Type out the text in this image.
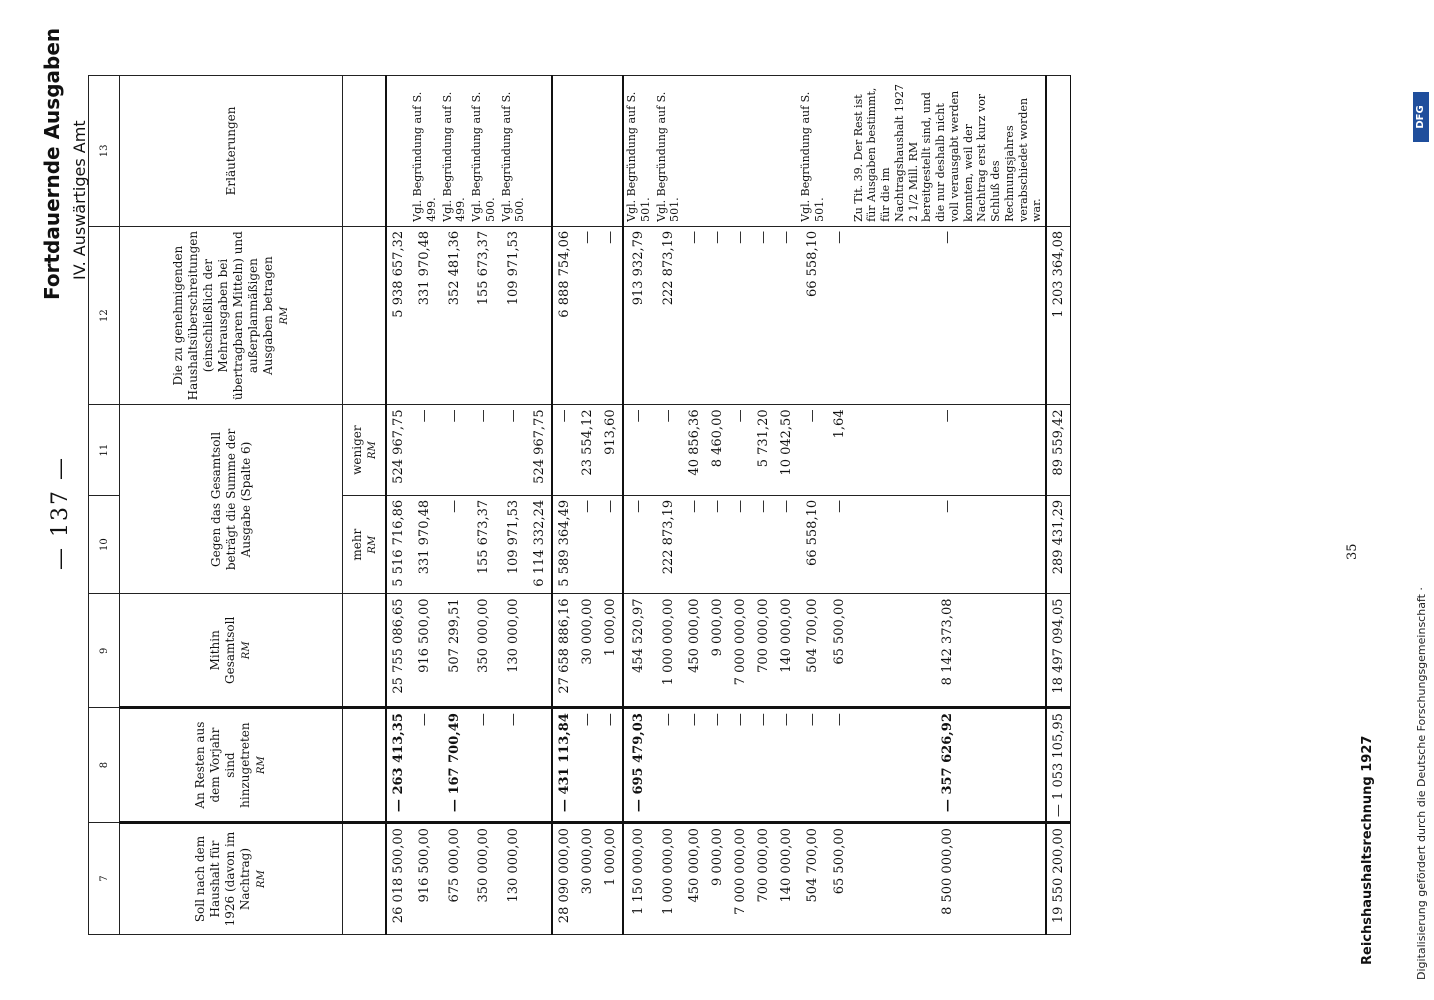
— 137 —
Fortdauernde Ausgaben IV. Auswärtiges Amt
7	8	9	10	11	12	13
Soll nach dem Haushalt für 1926 (davon im Nachtrag) RM	An Resten aus dem Vorjahr sind hinzugetreten RM	Mithin Gesamtsoll RM	Gegen das Gesamtsoll beträgt die Summe der Ausgabe (Spalte 6)		Die zu genehmigenden Haushaltsüberschreitungen (einschließlich der Mehrausgaben bei übertragbaren Mitteln) und außerplanmäßigen Ausgaben betragen RM	Erläuterungen
			mehr RM	weniger RM		
26 018 500,00	— 263 413,35	25 755 086,65	5 516 716,86	524 967,75	5 938 657,32	
916 500,00	—	916 500,00	331 970,48	—	331 970,48	Vgl. Begründung auf S. 499.
675 000,00	— 167 700,49	507 299,51	—	—	352 481,36	Vgl. Begründung auf S. 499.
350 000,00	—	350 000,00	155 673,37	—	155 673,37	Vgl. Begründung auf S. 500.
130 000,00	—	130 000,00	109 971,53	—	109 971,53	Vgl. Begründung auf S. 500.
			6 114 332,24	524 967,75		
28 090 000,00	— 431 113,84	27 658 886,16	5 589 364,49	—	6 888 754,06	
30 000,00	—	30 000,00	—	23 554,12	—	
1 000,00	—	1 000,00	—	913,60	—	
1 150 000,00	— 695 479,03	454 520,97	—	—	913 932,79	Vgl. Begründung auf S. 501.
1 000 000,00	—	1 000 000,00	222 873,19	—	222 873,19	Vgl. Begründung auf S. 501.
450 000,00	—	450 000,00	—	40 856,36	—	
9 000,00	—	9 000,00	—	8 460,00	—	
7 000 000,00	—	7 000 000,00	—	—	—	
700 000,00	—	700 000,00	—	5 731,20	—	
140 000,00	—	140 000,00	—	10 042,50	—	
504 700,00	—	504 700,00	66 558,10	—	66 558,10	Vgl. Begründung auf S. 501.
65 500,00	—	65 500,00	—	1,64	—	
8 500 000,00	— 357 626,92	8 142 373,08	—	—	—	Zu Tit. 39. Der Rest ist für Ausgaben bestimmt, für die im Nachtragshaushalt 1927 2 1/2 Mill. RM bereitgestellt sind, und die nur deshalb nicht voll verausgabt werden konnten, weil der Nachtrag erst kurz vor Schluß des Rechnungsjahres verabschiedet worden war.
19 550 200,00	— 1 053 105,95	18 497 094,05	289 431,29	89 559,42	1 203 364,08	
Reichshaushaltsrechnung 1927
35
Digitalisierung gefördert durch die Deutsche Forschungsgemeinschaft ·
DFG
